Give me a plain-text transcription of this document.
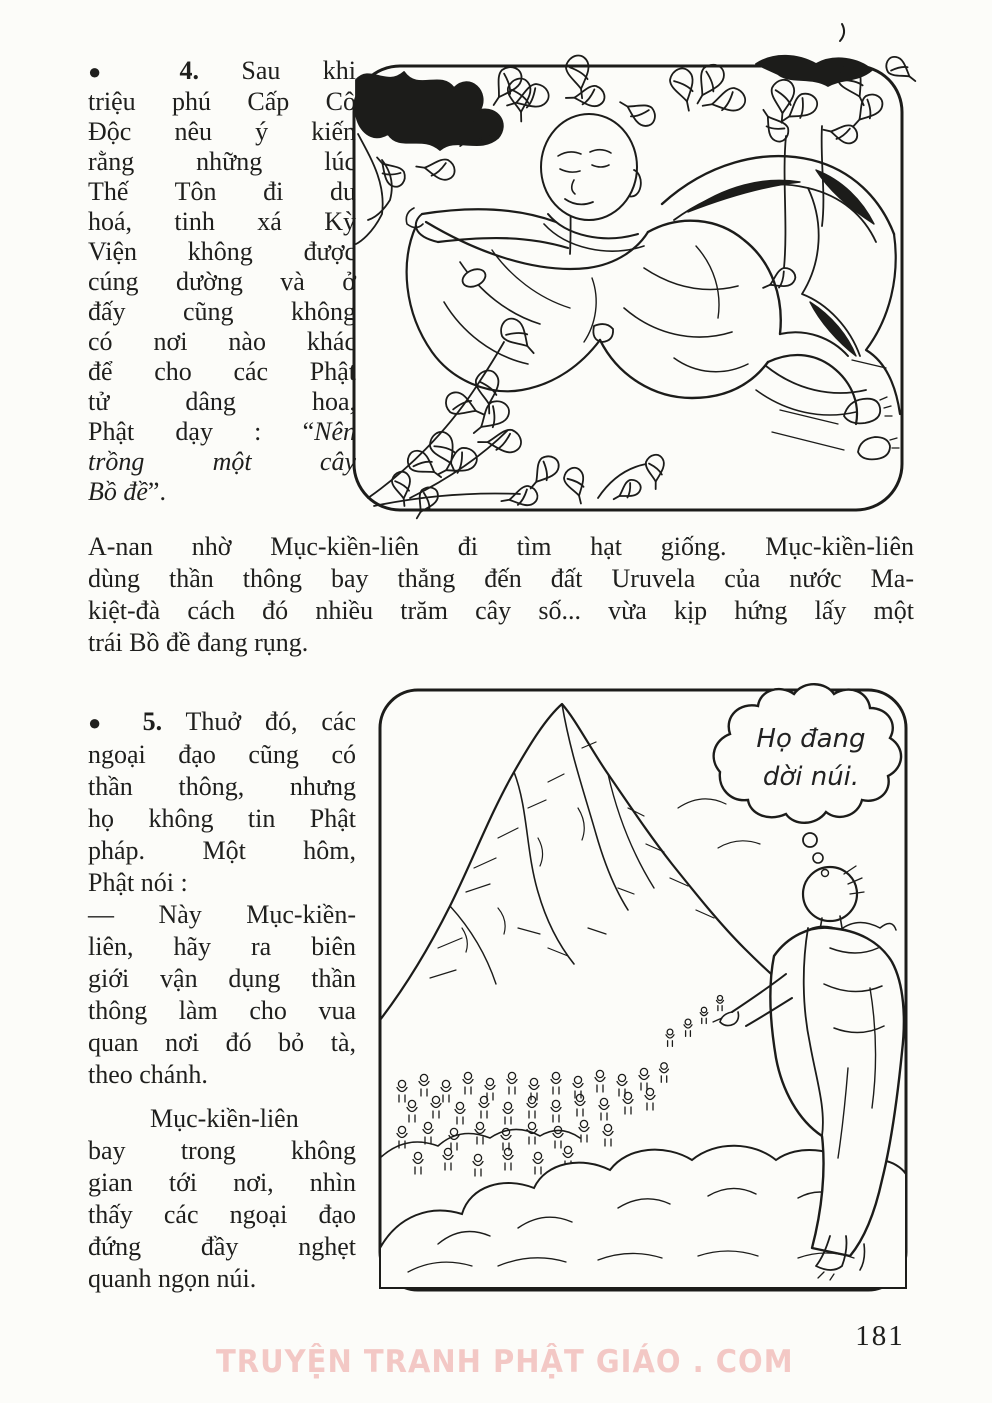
● 4. Sau khi
triệu phú Cấp Cô
Độc nêu ý kiến
rằng những lúc
Thế Tôn đi du
hoá, tinh xá Kỳ
Viện không được
cúng dường và ở
đấy cũng không
có nơi nào khác
để cho các Phật
tử dâng hoa,
Phật dạy : “Nên
trồng một cây
Bồ đề”.
A-nan nhờ Mục-kiền-liên đi tìm hạt giống. Mục-kiền-liên
dùng thần thông bay thẳng đến đất Uruvela của nước Ma-
kiệt-đà cách đó nhiều trăm cây số... vừa kịp hứng lấy một
trái Bồ đề đang rụng.
● 5. Thuở đó, các
ngoại đạo cũng có
thần thông, nhưng
họ không tin Phật
pháp. Một hôm,
Phật nói :
— Này Mục-kiền-
liên, hãy ra biên
giới vận dụng thần
thông làm cho vua
quan nơi đó bỏ tà,
theo chánh.
Mục-kiền-liên
bay trong không
gian tới nơi, nhìn
thấy các ngoại đạo
đứng đầy nghẹt
quanh ngọn núi.
Họ đang
dời núi.
181
TRUYỆN TRANH PHẬT GIÁO . COM
